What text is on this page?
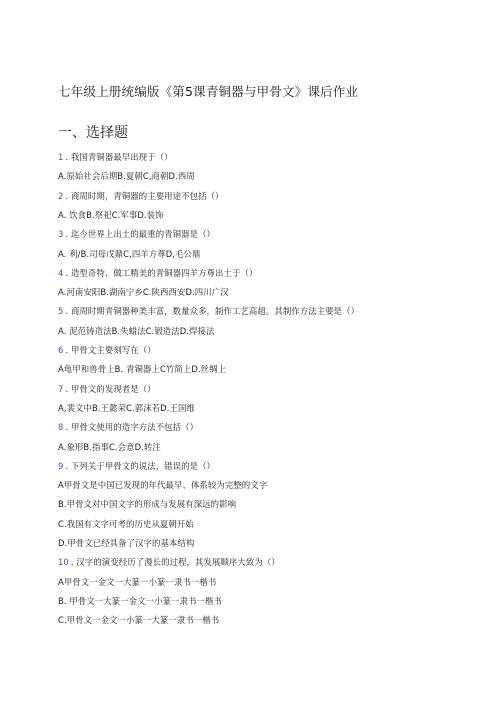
七年级上册统编版《第5课青铜器与甲骨文》课后作业
一、选择题
1 . 我国青铜器最早出现于（）
A.原始社会后期B.夏朝C,商朝D.西周
2 . 商周时期，青铜器的主要用途不包括（）
A. 饮食B.祭祀C.军事D.装饰
3 . 迄今世界上出土的最重的青铜器是（）
A. 利/B.司母戊鼎C,四羊方尊D,毛公鼎
4 . 造型奇特、做工精美的青铜器四羊方尊出土于（）
A.河南安阳B.湖南宁乡C.陕西西安D.四川广汉
5 . 商周时期青铜器种类丰富，数量众多，制作工艺高超。其制作方法主要是（）
A. 泥范铸造法B.失蜡法C.锻造法D.焊接法
6 . 甲骨文主要刻写在（）
A龟甲和兽骨上B. 青铜器上C竹简上D.丝绸上
7 . 甲骨文的发现者是（）
A,裴文中B.王懿荣C.郭沫若D.王国维
8 . 甲骨文使用的造字方法不包括（）
A.象形B.指事C.会意D.转注
9 . 下列关于甲骨文的说法，错误的是（）
A甲骨文是中国已发现的年代最早、体系较为完整的文字
B.甲骨文对中国文字的形成与发展有深远的影响
C.我国有文字可考的历史从夏朝开始
D.甲骨文已经具备了汉字的基本结构
10 . 汉字的演变经历了漫长的过程，其发展顺序大致为（）
A甲骨文一金文一大篆一小篆一隶书一楷书
B. 甲骨文一大篆一金文一小篆一隶书一楷书
C.甲骨文一金文一小篆一大篆一隶书一楷书
